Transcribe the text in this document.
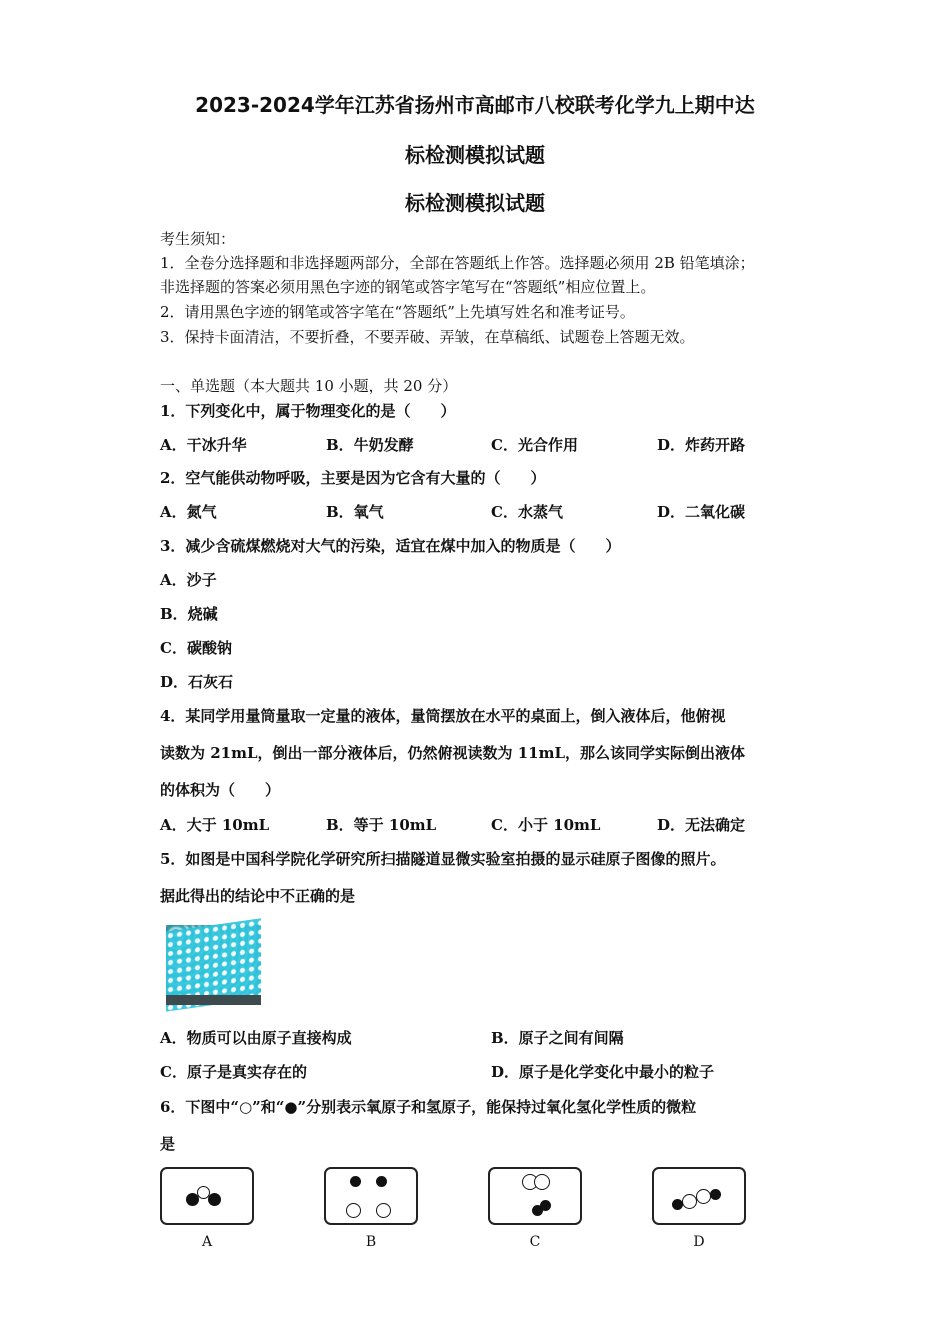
2023-2024学年江苏省扬州市高邮市八校联考化学九上期中达
标检测模拟试题
标检测模拟试题
考生须知：
1．全卷分选择题和非选择题两部分，全部在答题纸上作答。选择题必须用 2B 铅笔填涂；
非选择题的答案必须用黑色字迹的钢笔或答字笔写在“答题纸”相应位置上。
2．请用黑色字迹的钢笔或答字笔在“答题纸”上先填写姓名和准考证号。
3．保持卡面清洁，不要折叠，不要弄破、弄皱，在草稿纸、试题卷上答题无效。
一、单选题（本大题共 10 小题，共 20 分）
1．下列变化中，属于物理变化的是（　　）
A．干冰升华	B．牛奶发酵	C．光合作用	D．炸药开路
2．空气能供动物呼吸，主要是因为它含有大量的（　　）
A．氮气	B．氧气	C．水蒸气	D．二氧化碳
3．减少含硫煤燃烧对大气的污染，适宜在煤中加入的物质是（　　）
A．沙子
B．烧碱
C．碳酸钠
D．石灰石
4．某同学用量筒量取一定量的液体，量筒摆放在水平的桌面上，倒入液体后，他俯视
读数为 21mL，倒出一部分液体后，仍然俯视读数为 11mL，那么该同学实际倒出液体
的体积为（　　）
A．大于 10mL	B．等于 10mL	C．小于 10mL	D．无法确定
5．如图是中国科学院化学研究所扫描隧道显微实验室拍摄的显示硅原子图像的照片。
据此得出的结论中不正确的是
A．物质可以由原子直接构成	B．原子之间有间隔
C．原子是真实存在的	D．原子是化学变化中最小的粒子
6．下图中“○”和“●”分别表示氧原子和氢原子，能保持过氧化氢化学性质的微粒
是
A	B	C	D
